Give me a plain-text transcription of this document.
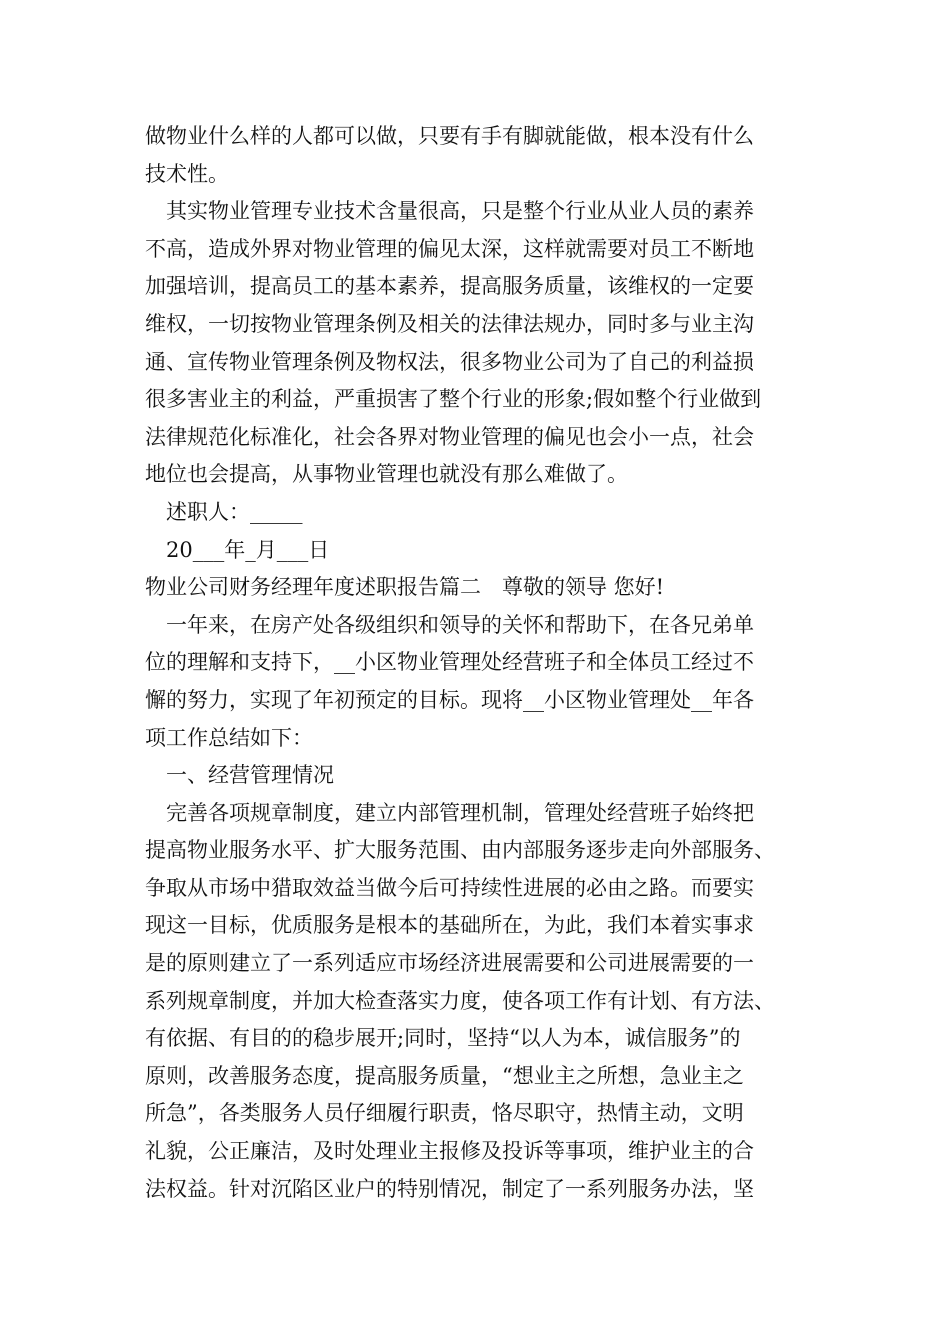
做物业什么样的人都可以做，只要有手有脚就能做，根本没有什么
技术性。
其实物业管理专业技术含量很高，只是整个行业从业人员的素养
不高，造成外界对物业管理的偏见太深，这样就需要对员工不断地
加强培训，提高员工的基本素养，提高服务质量，该维权的一定要
维权，一切按物业管理条例及相关的法律法规办，同时多与业主沟
通、宣传物业管理条例及物权法，很多物业公司为了自己的利益损
很多害业主的利益，严重损害了整个行业的形象;假如整个行业做到
法律规范化标准化，社会各界对物业管理的偏见也会小一点，社会
地位也会提高，从事物业管理也就没有那么难做了。
述职人：_____
20___年_月___日
物业公司财务经理年度述职报告篇二　尊敬的领导 您好!
一年来，在房产处各级组织和领导的关怀和帮助下，在各兄弟单
位的理解和支持下，__小区物业管理处经营班子和全体员工经过不
懈的努力，实现了年初预定的目标。现将__小区物业管理处__年各
项工作总结如下：
一、经营管理情况
完善各项规章制度，建立内部管理机制，管理处经营班子始终把
提高物业服务水平、扩大服务范围、由内部服务逐步走向外部服务、
争取从市场中猎取效益当做今后可持续性进展的必由之路。而要实
现这一目标，优质服务是根本的基础所在，为此，我们本着实事求
是的原则建立了一系列适应市场经济进展需要和公司进展需要的一
系列规章制度，并加大检查落实力度，使各项工作有计划、有方法、
有依据、有目的的稳步展开;同时，坚持“以人为本，诚信服务”的
原则，改善服务态度，提高服务质量，“想业主之所想，急业主之
所急”，各类服务人员仔细履行职责，恪尽职守，热情主动，文明
礼貌，公正廉洁，及时处理业主报修及投诉等事项，维护业主的合
法权益。针对沉陷区业户的特别情况，制定了一系列服务办法，坚
